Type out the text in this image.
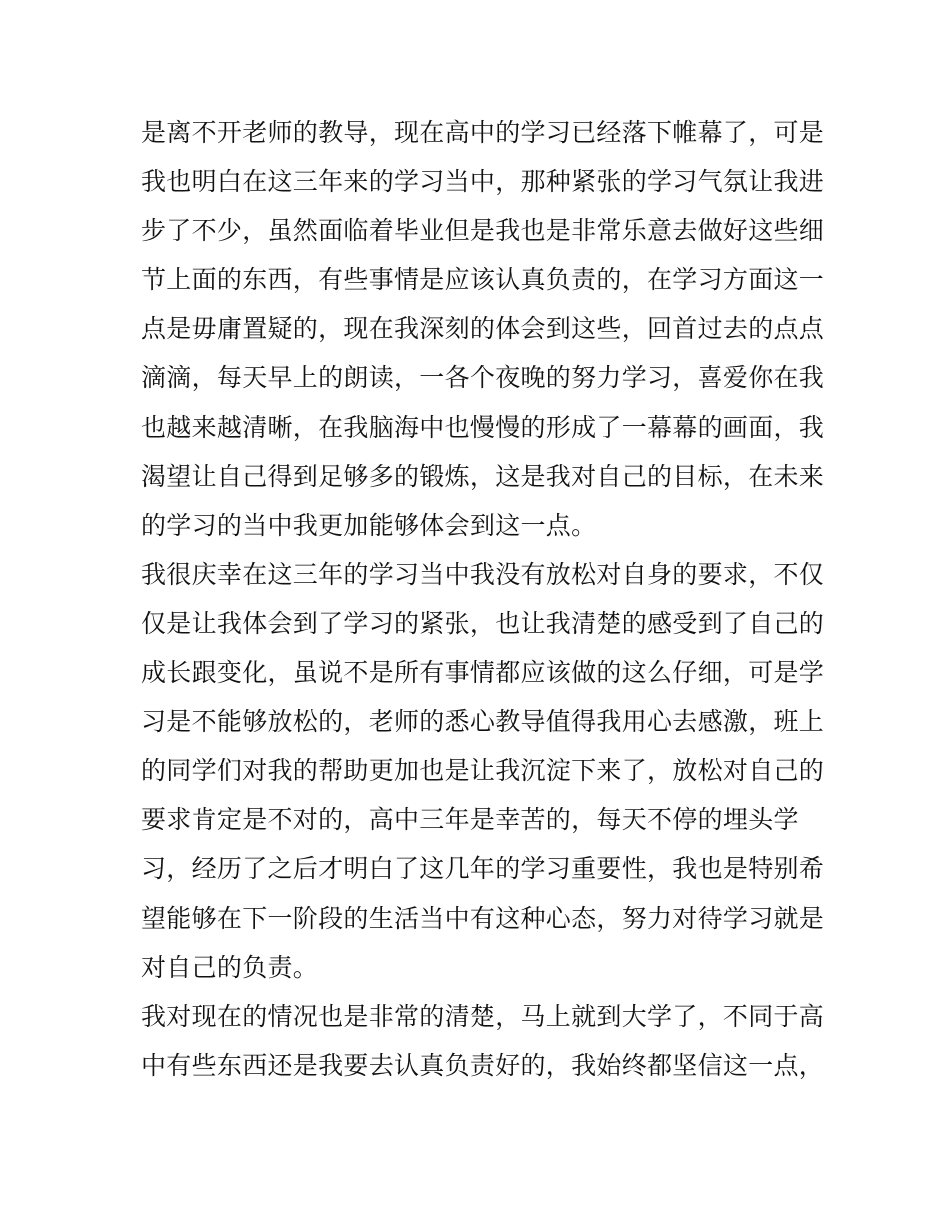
是离不开老师的教导，现在高中的学习已经落下帷幕了，可是
我也明白在这三年来的学习当中，那种紧张的学习气氛让我进
步了不少，虽然面临着毕业但是我也是非常乐意去做好这些细
节上面的东西，有些事情是应该认真负责的，在学习方面这一
点是毋庸置疑的，现在我深刻的体会到这些，回首过去的点点
滴滴，每天早上的朗读，一各个夜晚的努力学习，喜爱你在我
也越来越清晰，在我脑海中也慢慢的形成了一幕幕的画面，我
渴望让自己得到足够多的锻炼，这是我对自己的目标，在未来
的学习的当中我更加能够体会到这一点。
我很庆幸在这三年的学习当中我没有放松对自身的要求，不仅
仅是让我体会到了学习的紧张，也让我清楚的感受到了自己的
成长跟变化，虽说不是所有事情都应该做的这么仔细，可是学
习是不能够放松的，老师的悉心教导值得我用心去感激，班上
的同学们对我的帮助更加也是让我沉淀下来了，放松对自己的
要求肯定是不对的，高中三年是幸苦的，每天不停的埋头学
习，经历了之后才明白了这几年的学习重要性，我也是特别希
望能够在下一阶段的生活当中有这种心态，努力对待学习就是
对自己的负责。
我对现在的情况也是非常的清楚，马上就到大学了，不同于高
中有些东西还是我要去认真负责好的，我始终都坚信这一点，
